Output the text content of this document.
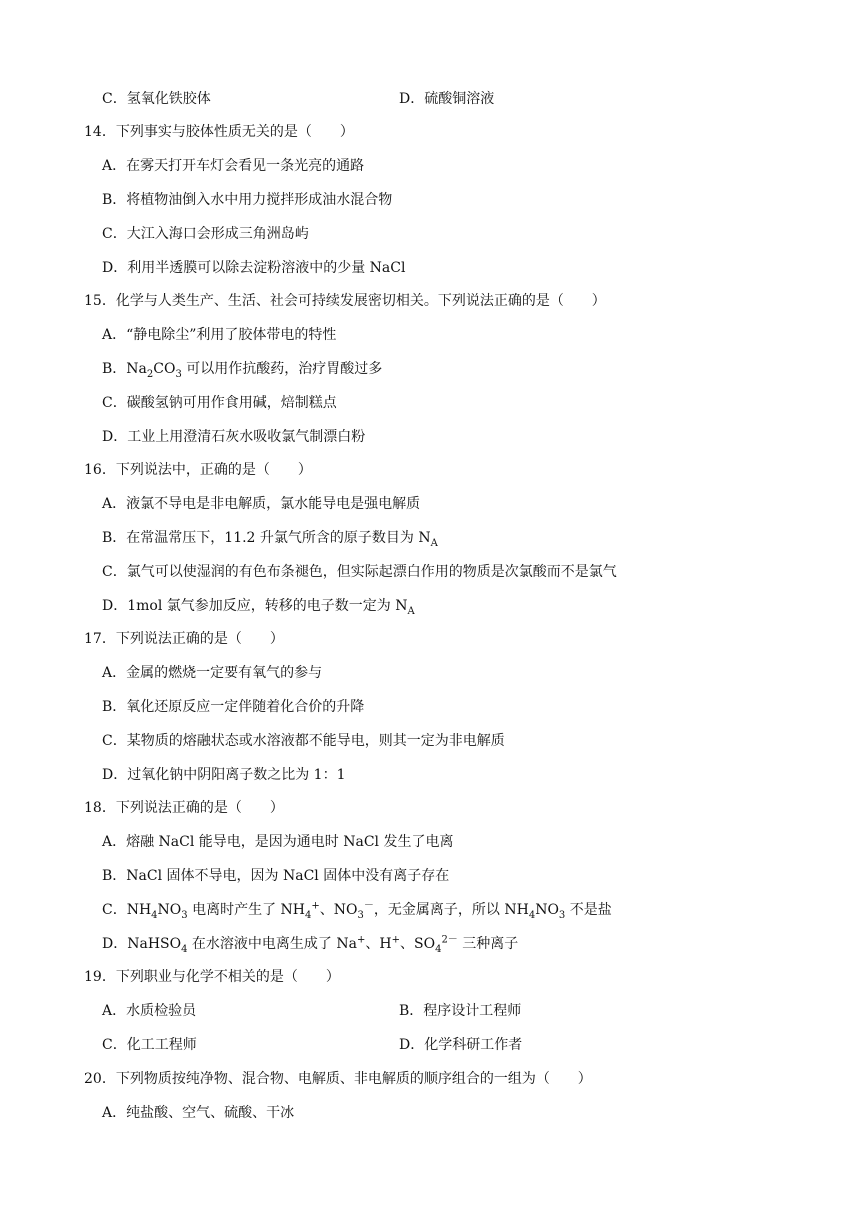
C．氢氧化铁胶体	D．硫酸铜溶液
14．下列事实与胶体性质无关的是（　　）
A．在雾天打开车灯会看见一条光亮的通路
B．将植物油倒入水中用力搅拌形成油水混合物
C．大江入海口会形成三角洲岛屿
D．利用半透膜可以除去淀粉溶液中的少量 NaCl
15．化学与人类生产、生活、社会可持续发展密切相关。下列说法正确的是（　　）
A．“静电除尘”利用了胶体带电的特性
B．$Na_2CO_3$ 可以用作抗酸药，治疗胃酸过多
C．碳酸氢钠可用作食用碱，焙制糕点
D．工业上用澄清石灰水吸收氯气制漂白粉
16．下列说法中，正确的是（　　）
A．液氯不导电是非电解质，氯水能导电是强电解质
B．在常温常压下，11.2 升氯气所含的原子数目为 $N_A$
C．氯气可以使湿润的有色布条褪色，但实际起漂白作用的物质是次氯酸而不是氯气
D．1mol 氯气参加反应，转移的电子数一定为 $N_A$
17．下列说法正确的是（　　）
A．金属的燃烧一定要有氧气的参与
B．氧化还原反应一定伴随着化合价的升降
C．某物质的熔融状态或水溶液都不能导电，则其一定为非电解质
D．过氧化钠中阴阳离子数之比为 1：1
18．下列说法正确的是（　　）
A．熔融 NaCl 能导电，是因为通电时 NaCl 发生了电离
B．NaCl 固体不导电，因为 NaCl 固体中没有离子存在
C．$NH_4NO_3$ 电离时产生了 $NH_4^+$、$NO_3^-$，无金属离子，所以 $NH_4NO_3$ 不是盐
D．NaHSO$_4$ 在水溶液中电离生成了 Na+、H+、$SO_4^{2-}$ 三种离子
19．下列职业与化学不相关的是（　　）
A．水质检验员	B．程序设计工程师
C．化工工程师	D．化学科研工作者
20．下列物质按纯净物、混合物、电解质、非电解质的顺序组合的一组为（　　）
A．纯盐酸、空气、硫酸、干冰
